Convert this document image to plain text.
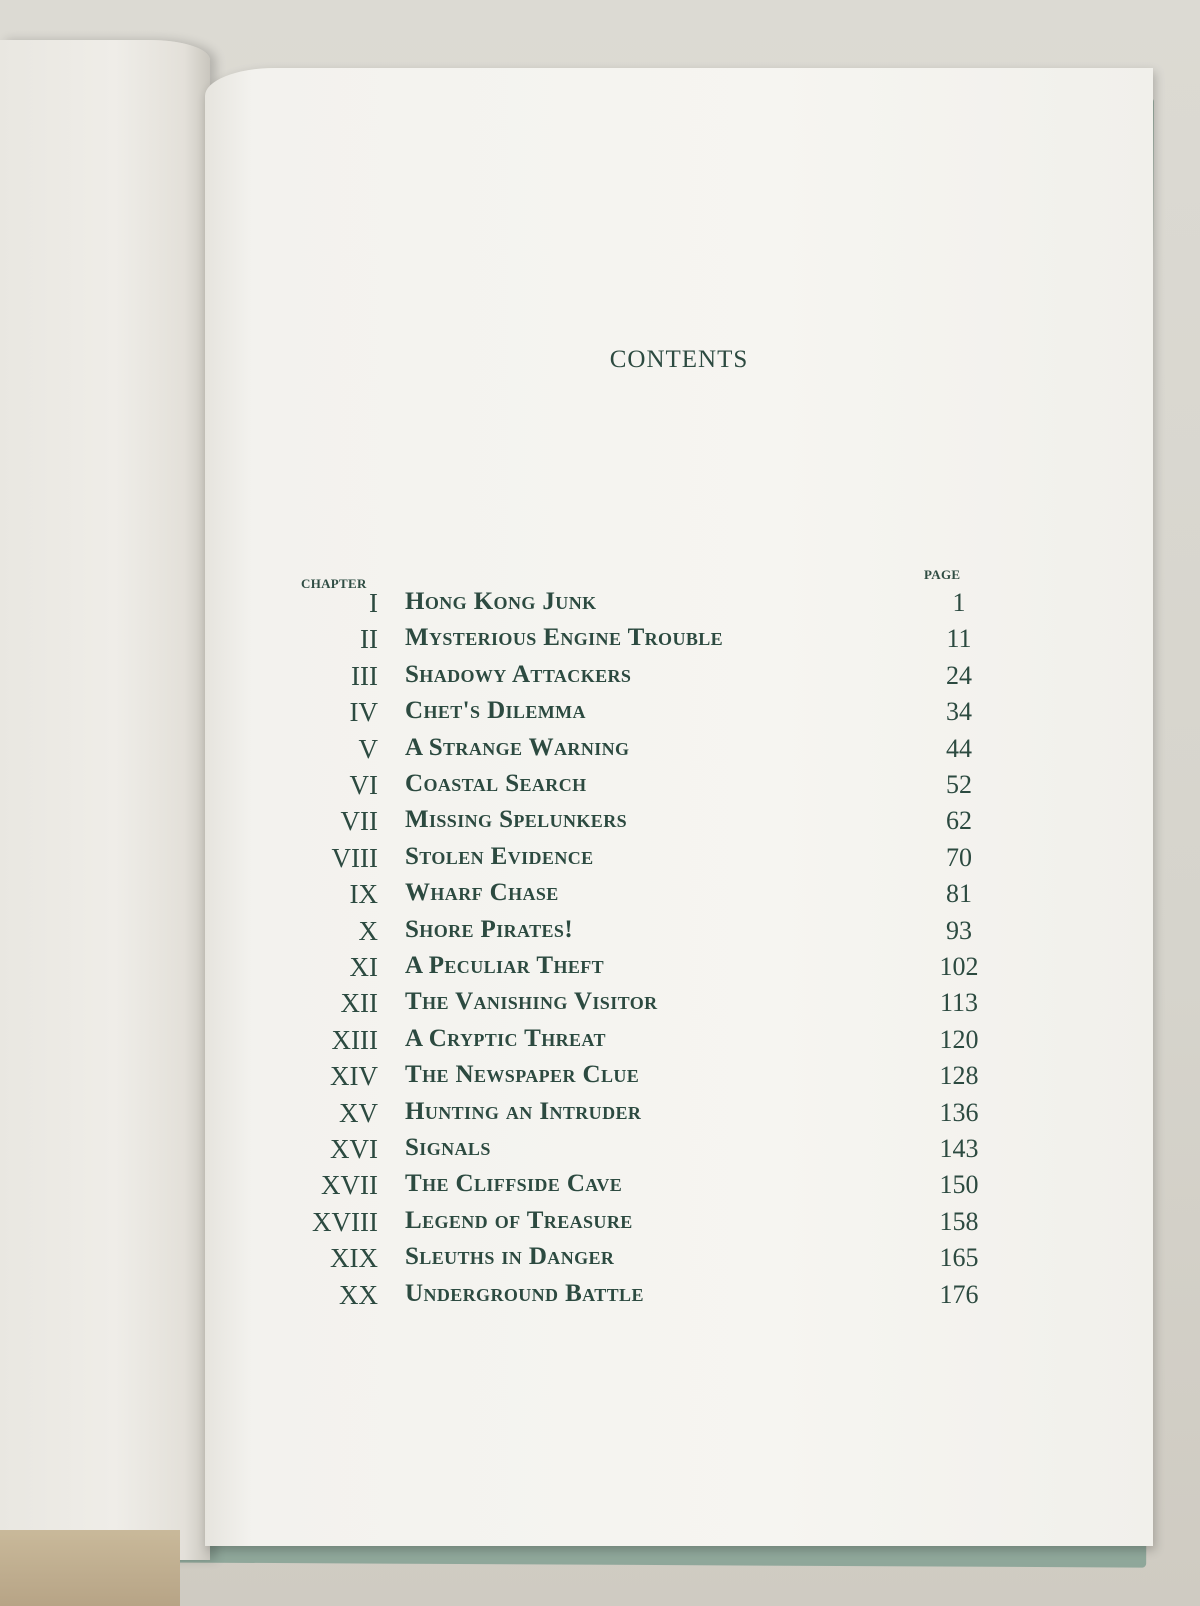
CONTENTS
CHAPTER
PAGE
I Hong Kong Junk	1
II Mysterious Engine Trouble	11
III Shadowy Attackers	24
IV Chet's Dilemma	34
V A Strange Warning	44
VI Coastal Search	52
VII Missing Spelunkers	62
VIII Stolen Evidence	70
IX Wharf Chase	81
X Shore Pirates!	93
XI A Peculiar Theft	102
XII The Vanishing Visitor	113
XIII A Cryptic Threat	120
XIV The Newspaper Clue	128
XV Hunting an Intruder	136
XVI Signals	143
XVII The Cliffside Cave	150
XVIII Legend of Treasure	158
XIX Sleuths in Danger	165
XX Underground Battle	176
